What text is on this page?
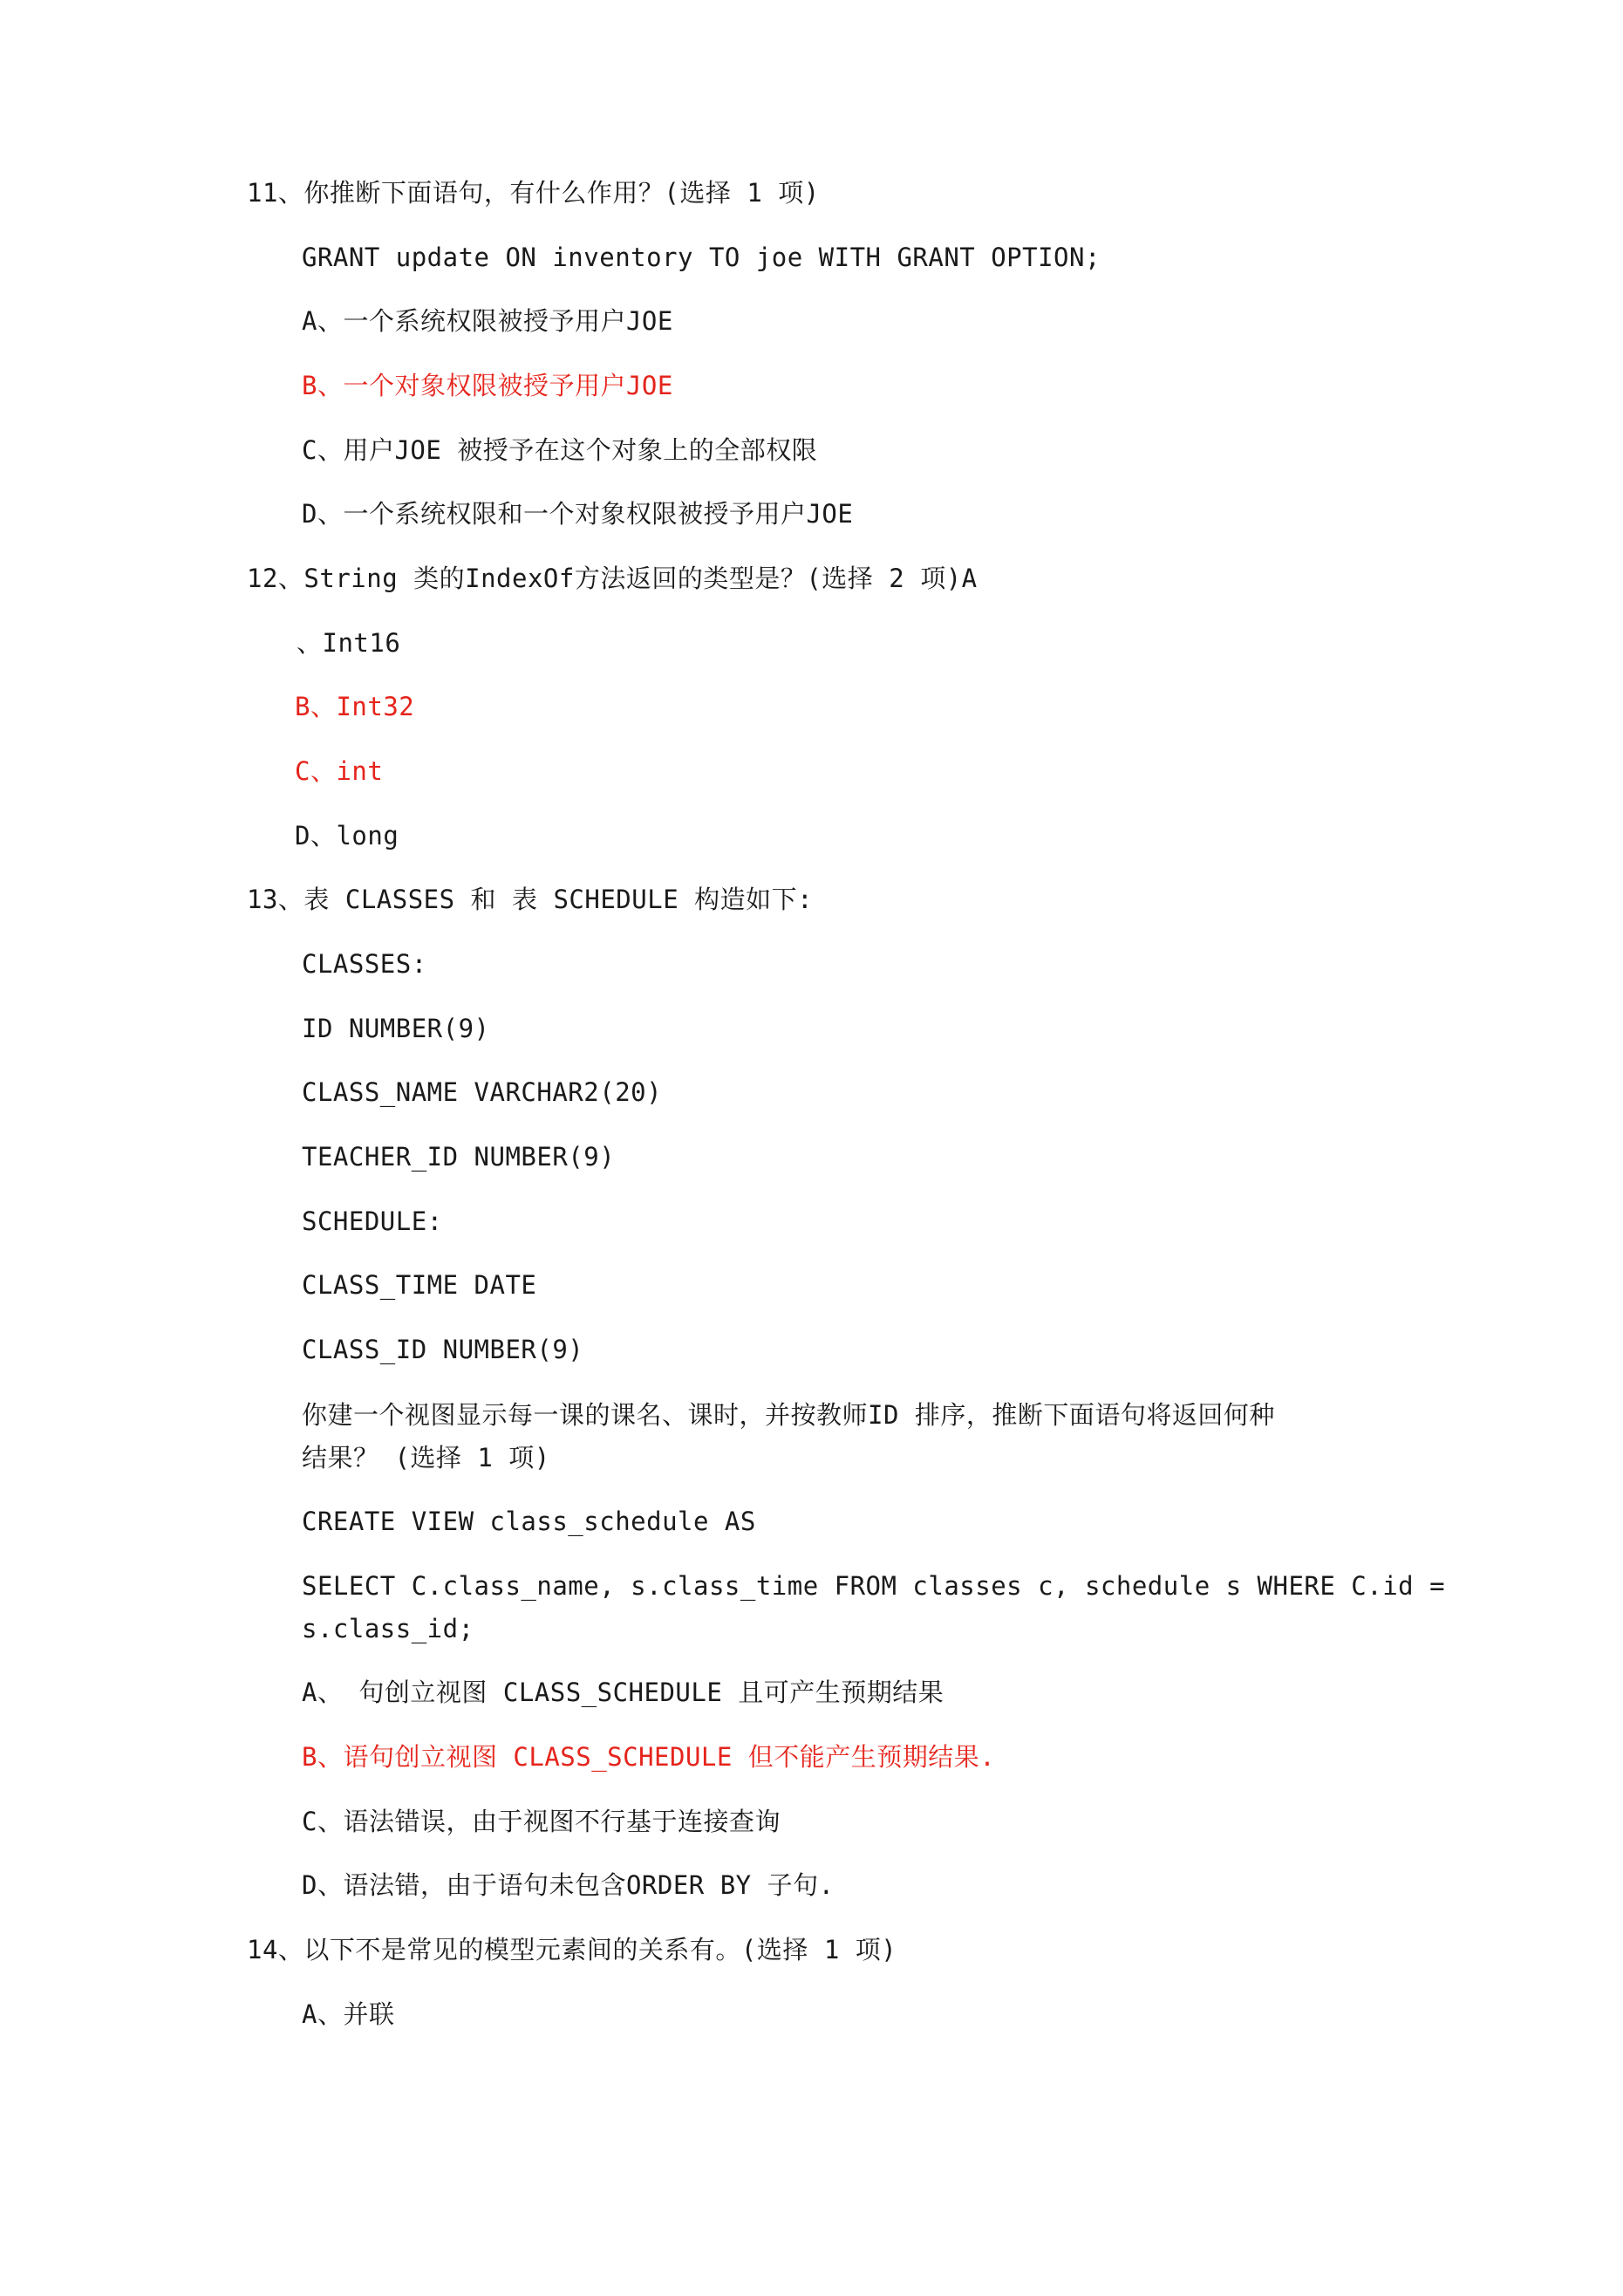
11、你推断下面语句，有什么作用？(选择 1 项)
GRANT update ON inventory TO joe WITH GRANT OPTION;
A、一个系统权限被授予用户JOE
B、一个对象权限被授予用户JOE
C、用户JOE 被授予在这个对象上的全部权限
D、一个系统权限和一个对象权限被授予用户JOE
12、String 类的IndexOf方法返回的类型是？(选择 2 项)A
、Int16
B、Int32
C、int
D、long
13、表 CLASSES 和 表 SCHEDULE 构造如下:
CLASSES:
ID NUMBER(9)
CLASS_NAME VARCHAR2(20)
TEACHER_ID NUMBER(9)
SCHEDULE:
CLASS_TIME DATE
CLASS_ID NUMBER(9)
你建一个视图显示每一课的课名、课时，并按教师ID 排序，推断下面语句将返回何种
结果？ (选择 1 项)
CREATE VIEW class_schedule AS
SELECT C.class_name, s.class_time FROM classes c, schedule s WHERE C.id =
s.class_id;
A、 句创立视图 CLASS_SCHEDULE 且可产生预期结果
B、语句创立视图 CLASS_SCHEDULE 但不能产生预期结果.
C、语法错误，由于视图不行基于连接查询
D、语法错，由于语句未包含ORDER BY 子句.
14、以下不是常见的模型元素间的关系有。(选择 1 项)
A、并联
